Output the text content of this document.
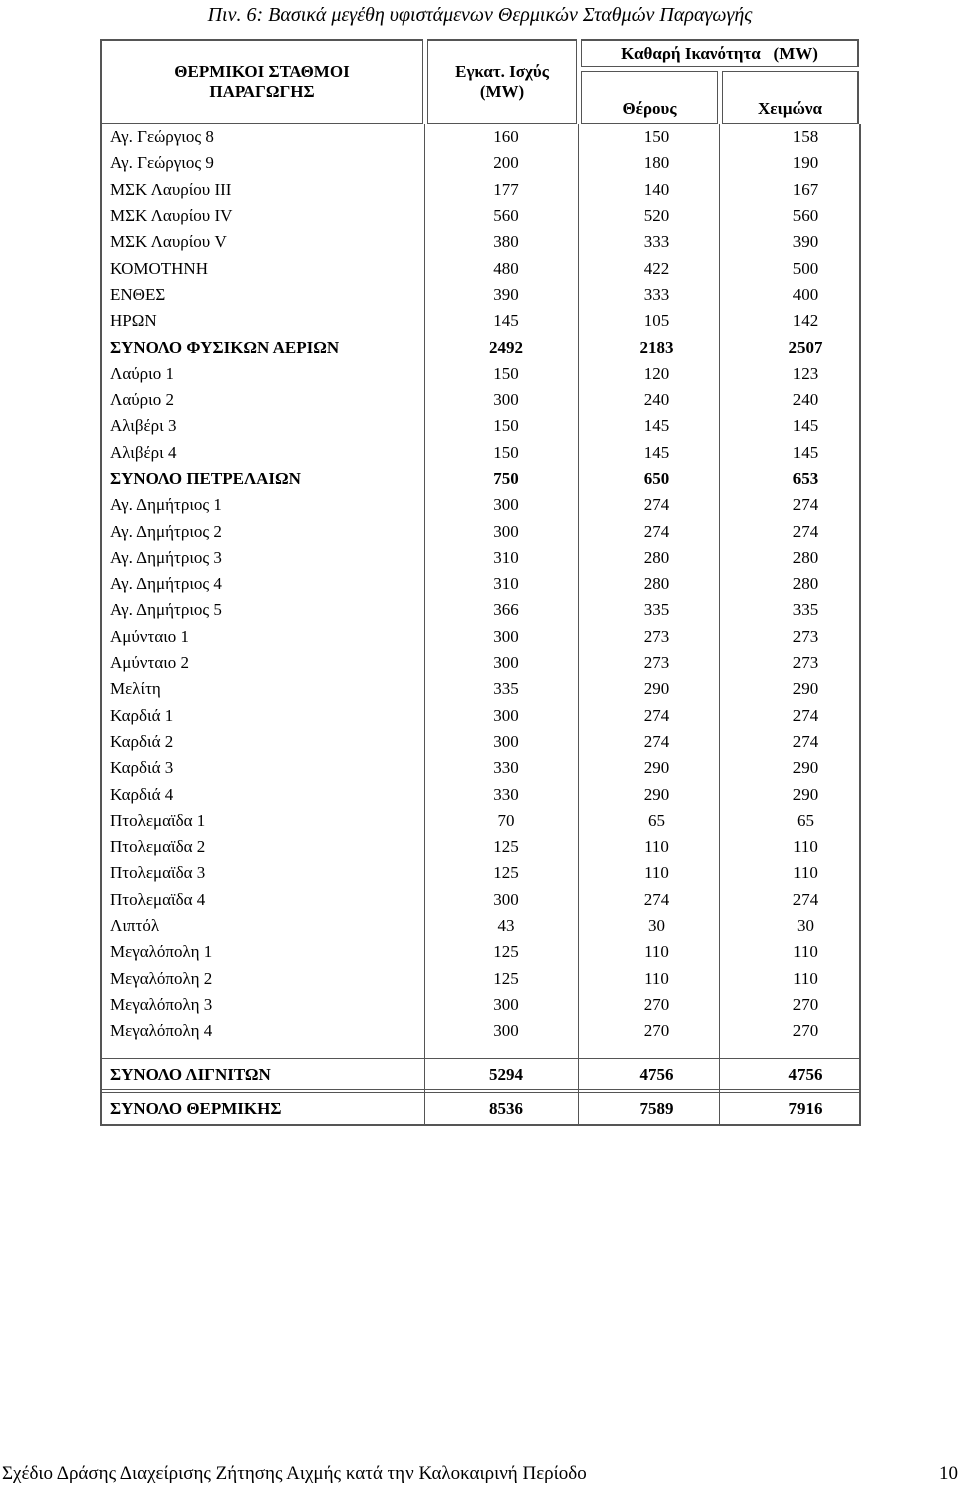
Πιν. 6: Βασικά μεγέθη υφιστάμενων Θερμικών Σταθμών Παραγωγής
ΘΕΡΜΙΚΟΙ ΣΤΑΘΜΟΙ ΠΑΡΑΓΩΓΗΣ
Εγκατ. Ισχύς (MW)
Καθαρή Ικανότητα   (MW)
Θέρους	Χειμώνα
Αγ. Γεώργιος 8	160	150	158
Αγ. Γεώργιος 9	200	180	190
ΜΣΚ Λαυρίου ΙΙΙ	177	140	167
ΜΣΚ Λαυρίου ΙV	560	520	560
ΜΣΚ Λαυρίου V	380	333	390
ΚΟΜΟΤΗΝΗ	480	422	500
ΕΝΘΕΣ	390	333	400
ΗΡΩΝ	145	105	142
ΣΥΝΟΛΟ ΦΥΣΙΚΩΝ ΑΕΡΙΩΝ	2492	2183	2507
Λαύριο 1	150	120	123
Λαύριο 2	300	240	240
Αλιβέρι 3	150	145	145
Αλιβέρι 4	150	145	145
ΣΥΝΟΛΟ ΠΕΤΡΕΛΑΙΩΝ	750	650	653
Αγ. Δημήτριος 1	300	274	274
Αγ. Δημήτριος 2	300	274	274
Αγ. Δημήτριος 3	310	280	280
Αγ. Δημήτριος 4	310	280	280
Αγ. Δημήτριος 5	366	335	335
Αμύνταιο 1	300	273	273
Αμύνταιο 2	300	273	273
Μελίτη	335	290	290
Καρδιά 1	300	274	274
Καρδιά 2	300	274	274
Καρδιά 3	330	290	290
Καρδιά 4	330	290	290
Πτολεμαϊδα 1	70	65	65
Πτολεμαϊδα 2	125	110	110
Πτολεμαϊδα 3	125	110	110
Πτολεμαϊδα 4	300	274	274
Λιπτόλ	43	30	30
Μεγαλόπολη 1	125	110	110
Μεγαλόπολη 2	125	110	110
Μεγαλόπολη 3	300	270	270
Μεγαλόπολη 4	300	270	270
ΣΥΝΟΛΟ ΛΙΓΝΙΤΩΝ	5294	4756	4756
ΣΥΝΟΛΟ ΘΕΡΜΙΚΗΣ	8536	7589	7916
Σχέδιο Δράσης Διαχείρισης Ζήτησης Αιχμής κατά την Καλοκαιρινή Περίοδο	10
